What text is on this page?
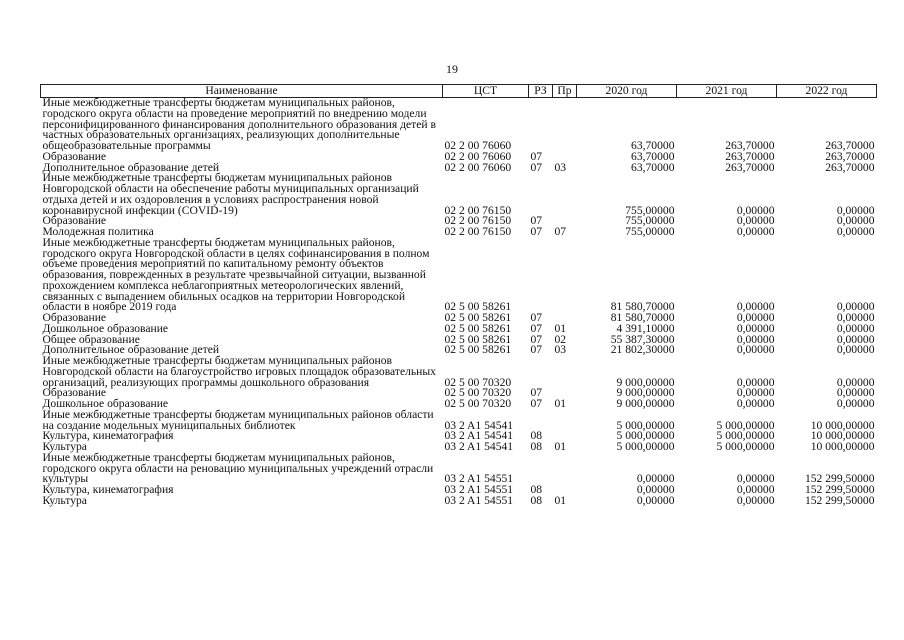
19
Наименование	ЦСТ	РЗ	Пр	2020 год	2021 год	2022 год
Иные межбюджетные трансферты бюджетам муниципальных районов, городского округа области на проведение мероприятий по внедрению модели персонифицированного финансирования дополнительного образования детей в частных образовательных организациях, реализующих дополнительные общеобразовательные программы	02 2 00 76060			63,70000	263,70000	263,70000
Образование	02 2 00 76060	07		63,70000	263,70000	263,70000
Дополнительное образование детей	02 2 00 76060	07	03	63,70000	263,70000	263,70000
Иные межбюджетные трансферты бюджетам муниципальных районов Новгородской области на обеспечение работы муниципальных организаций отдыха детей и их оздоровления в условиях распространения новой коронавирусной инфекции (COVID-19)	02 2 00 76150			755,00000	0,00000	0,00000
Образование	02 2 00 76150	07		755,00000	0,00000	0,00000
Молодежная политика	02 2 00 76150	07	07	755,00000	0,00000	0,00000
Иные межбюджетные трансферты бюджетам муниципальных районов, городского округа Новгородской области в целях софинансирования в полном объеме проведения мероприятий по капитальному ремонту объектов образования, поврежденных в результате чрезвычайной ситуации, вызванной прохождением комплекса неблагоприятных метеорологических явлений, связанных с выпадением обильных осадков на территории Новгородской области в ноябре 2019 года	02 5 00 58261			81 580,70000	0,00000	0,00000
Образование	02 5 00 58261	07		81 580,70000	0,00000	0,00000
Дошкольное образование	02 5 00 58261	07	01	4 391,10000	0,00000	0,00000
Общее образование	02 5 00 58261	07	02	55 387,30000	0,00000	0,00000
Дополнительное образование детей	02 5 00 58261	07	03	21 802,30000	0,00000	0,00000
Иные межбюджетные трансферты бюджетам муниципальных районов Новгородской области на благоустройство игровых площадок образовательных организаций, реализующих программы дошкольного образования	02 5 00 70320			9 000,00000	0,00000	0,00000
Образование	02 5 00 70320	07		9 000,00000	0,00000	0,00000
Дошкольное образование	02 5 00 70320	07	01	9 000,00000	0,00000	0,00000
Иные межбюджетные трансферты бюджетам муниципальных районов области на создание модельных муниципальных библиотек	03 2 A1 54541			5 000,00000	5 000,00000	10 000,00000
Культура, кинематография	03 2 A1 54541	08		5 000,00000	5 000,00000	10 000,00000
Культура	03 2 A1 54541	08	01	5 000,00000	5 000,00000	10 000,00000
Иные межбюджетные трансферты бюджетам муниципальных районов, городского округа области на реновацию муниципальных учреждений отрасли культуры	03 2 A1 54551			0,00000	0,00000	152 299,50000
Культура, кинематография	03 2 A1 54551	08		0,00000	0,00000	152 299,50000
Культура	03 2 A1 54551	08	01	0,00000	0,00000	152 299,50000
